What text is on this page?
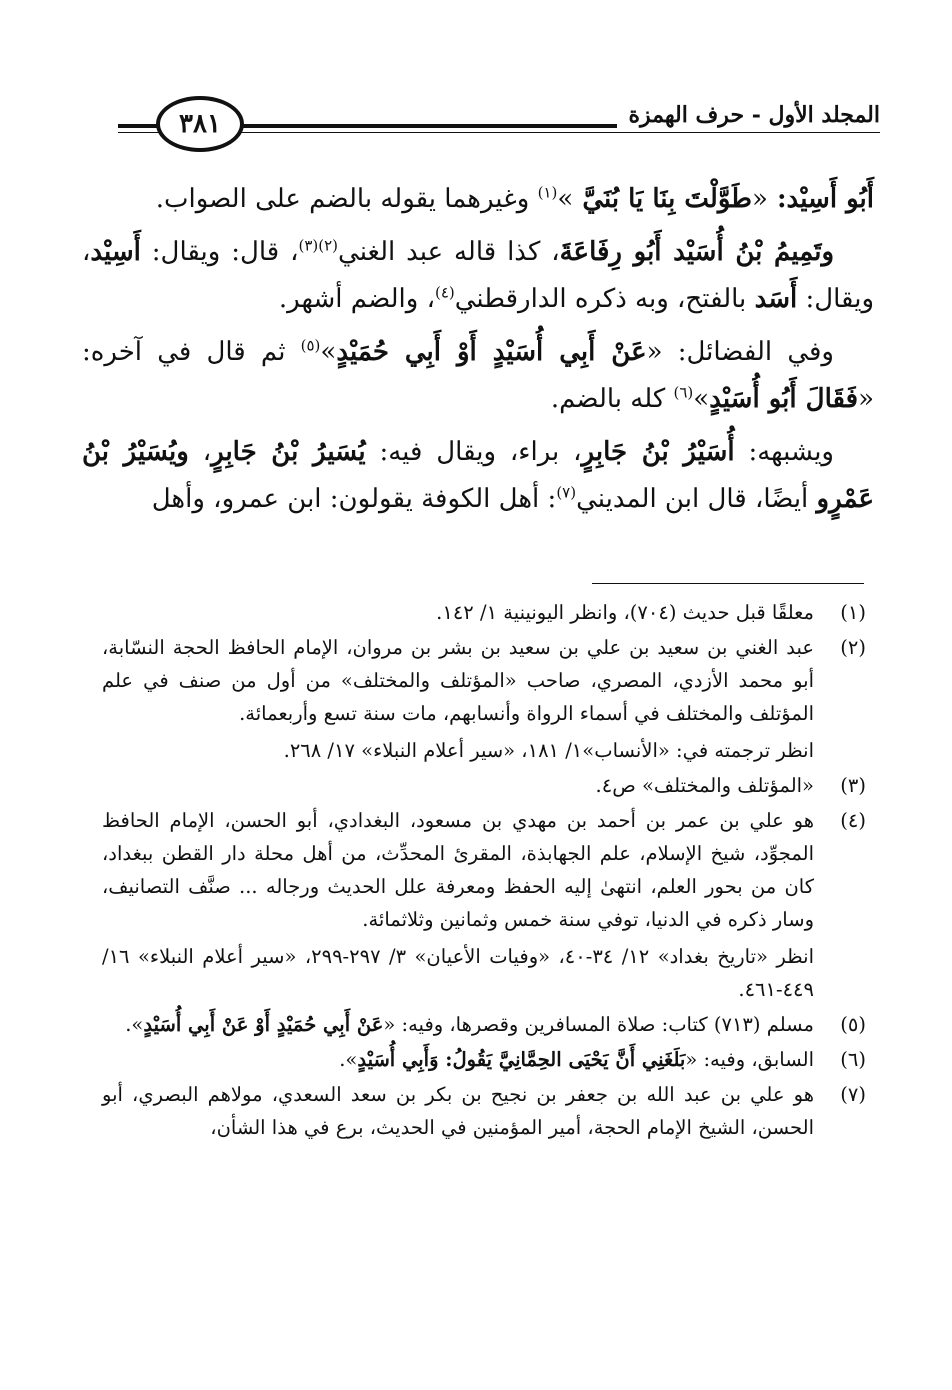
المجلد الأول - حرف الهمزة
٣٨١

أَبُو أَسِيْد: «طَوَّلْتَ بِنَا يَا بُنَيَّ »$^{(١)}$ وغيرهما يقوله بالضم على الصواب.

وتَمِيمُ بْنُ أُسَيْد أَبُو رِفَاعَةَ، كذا قاله عبد الغني$^{(٢)(٣)}$، قال: ويقال: أَسِيْد، ويقال: أَسَد بالفتح، وبه ذكره الدارقطني$^{(٤)}$، والضم أشهر.

وفي الفضائل: «عَنْ أَبِي أُسَيْدٍ أَوْ أَبِي حُمَيْدٍ»$^{(٥)}$ ثم قال في آخره: «فَقَالَ أَبُو أُسَيْدٍ»$^{(٦)}$ كله بالضم.

ويشبهه: أُسَيْرُ بْنُ جَابِرٍ، براء، ويقال فيه: يُسَيرُ بْنُ جَابِرٍ، ويُسَيْرُ بْنُ عَمْرٍو أيضًا، قال ابن المديني$^{(٧)}$: أهل الكوفة يقولون: ابن عمرو، وأهل

(١)

معلقًا قبل حديث (٧٠٤)، وانظر اليونينية ١/ ١٤٢.

(٢)

عبد الغني بن سعيد بن علي بن سعيد بن بشر بن مروان، الإمام الحافظ الحجة النسّابة، أبو محمد الأزدي، المصري، صاحب «المؤتلف والمختلف» من أول من صنف في علم المؤتلف والمختلف في أسماء الرواة وأنسابهم، مات سنة تسع وأربعمائة.

انظر ترجمته في: «الأنساب»١/ ١٨١، «سير أعلام النبلاء» ١٧/ ٢٦٨.

(٣)

«المؤتلف والمختلف» ص٤.

(٤)

هو علي بن عمر بن أحمد بن مهدي بن مسعود، البغدادي، أبو الحسن، الإمام الحافظ المجوِّد، شيخ الإسلام، علم الجهابذة، المقرئ المحدِّث، من أهل محلة دار القطن ببغداد، كان من بحور العلم، انتهىٰ إليه الحفظ ومعرفة علل الحديث ورجاله ... صنَّف التصانيف، وسار ذكره في الدنيا، توفي سنة خمس وثمانين وثلاثمائة.

انظر «تاريخ بغداد» ١٢/ ٣٤-٤٠، «وفيات الأعيان» ٣/ ٢٩٧-٢٩٩، «سير أعلام النبلاء» ١٦/ ٤٤٩-٤٦١.

(٥)

مسلم (٧١٣) كتاب: صلاة المسافرين وقصرها، وفيه: «عَنْ أَبِي حُمَيْدٍ أَوْ عَنْ أَبِي أُسَيْدٍ».

(٦)

السابق، وفيه: «بَلَغَنِي أَنَّ يَحْيَى الحِمَّانِيَّ يَقُولُ: وَأَبِي أُسَيْدٍ».

(٧)

هو علي بن عبد الله بن جعفر بن نجيح بن بكر بن سعد السعدي، مولاهم البصري، أبو الحسن، الشيخ الإمام الحجة، أمير المؤمنين في الحديث، برع في هذا الشأن،
